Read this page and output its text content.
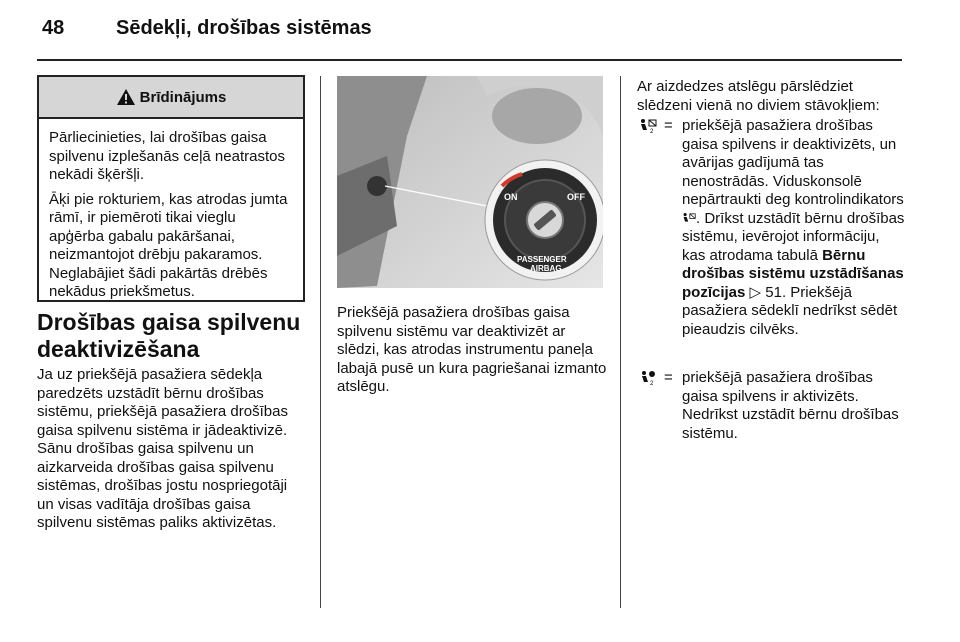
48	Sēdekļi, drošības sistēmas
Brīdinājums
Pārliecinieties, lai drošības gaisa spilvenu izplešanās ceļā neatrastos nekādi šķēršļi.
Āķi pie rokturiem, kas atrodas jumta rāmī, ir piemēroti tikai vieglu apģērba gabalu pakāršanai, neizmantojot drēbju pakaramos. Neglabājiet šādi pakārtās drēbēs nekādus priekšmetus.
Drošības gaisa spilvenu deaktivizēšana
Ja uz priekšējā pasažiera sēdekļa paredzēts uzstādīt bērnu drošības sistēmu, priekšējā pasažiera drošības gaisa spilvenu sistēma ir jādeaktivizē. Sānu drošības gaisa spilvenu un aizkarveida drošības gaisa spilvenu sistēmas, drošības jostu nospriegotāji un visas vadītāja drošības gaisa spilvenu sistēmas paliks aktivizētas.
ON	OFF
PASSENGER
AIRBAG
Priekšējā pasažiera drošības gaisa spilvenu sistēmu var deaktivizēt ar slēdzi, kas atrodas instrumentu paneļa labajā pusē un kura pagriešanai izmanto atslēgu.
Ar aizdedzes atslēgu pārslēdziet slēdzeni vienā no diviem stāvokļiem:
2 = priekšējā pasažiera drošības gaisa spilvens ir deaktivizēts, un avārijas gadījumā tas nenostrādās. Viduskonsolē nepārtraukti deg kontrolindikators . Drīkst uzstādīt bērnu drošības sistēmu, ievērojot informāciju, kas atrodama tabulā Bērnu drošības sistēmu uzstādīšanas pozīcijas ▷ 51. Priekšējā pasažiera sēdeklī nedrīkst sēdēt pieaudzis cilvēks.
2 = priekšējā pasažiera drošības gaisa spilvens ir aktivizēts. Nedrīkst uzstādīt bērnu drošības sistēmu.
